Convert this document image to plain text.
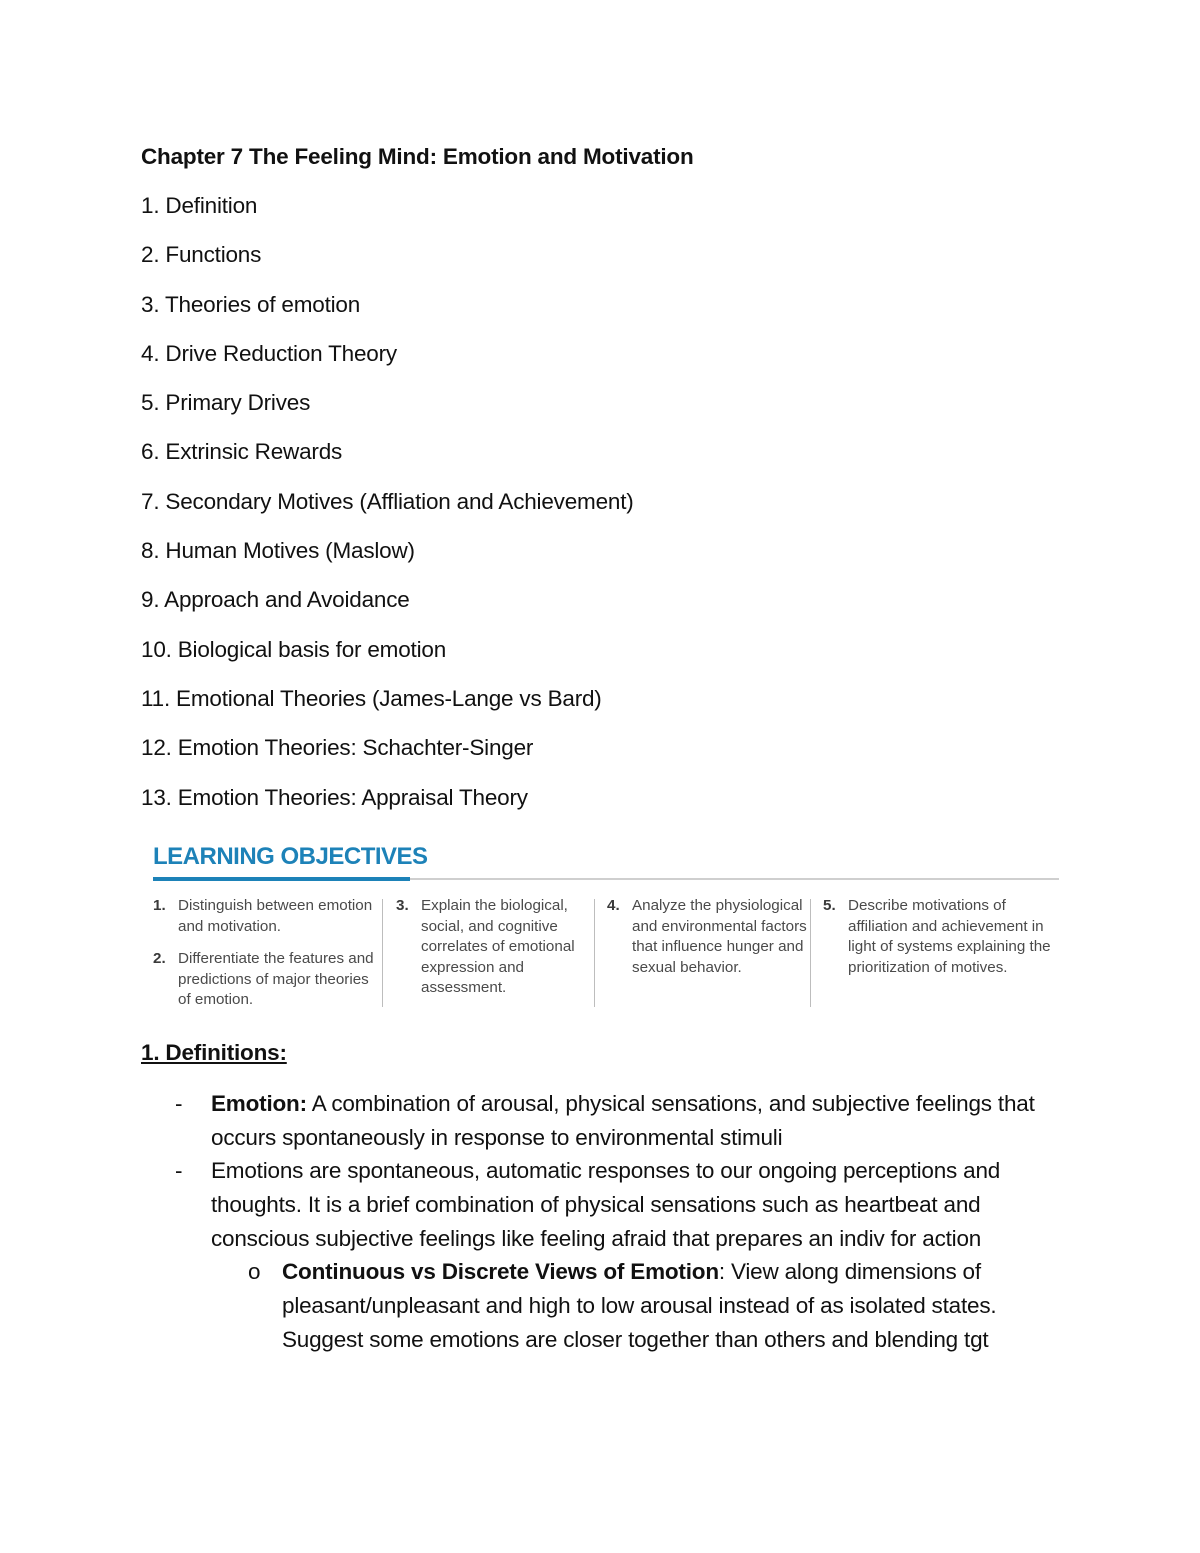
Chapter 7 The Feeling Mind: Emotion and Motivation
1. Definition
2. Functions
3. Theories of emotion
4. Drive Reduction Theory
5. Primary Drives
6. Extrinsic Rewards
7. Secondary Motives (Affliation and Achievement)
8. Human Motives (Maslow)
9. Approach and Avoidance
10. Biological basis for emotion
11. Emotional Theories (James-Lange vs Bard)
12. Emotion Theories: Schachter-Singer
13. Emotion Theories: Appraisal Theory
LEARNING OBJECTIVES
1. Distinguish between emotion and motivation.
2. Differentiate the features and predictions of major theories of emotion.
3. Explain the biological, social, and cognitive correlates of emotional expression and assessment.
4. Analyze the physiological and environmental factors that influence hunger and sexual behavior.
5. Describe motivations of affiliation and achievement in light of systems explaining the prioritization of motives.
1. Definitions:
- Emotion: A combination of arousal, physical sensations, and subjective feelings that occurs spontaneously in response to environmental stimuli
- Emotions are spontaneous, automatic responses to our ongoing perceptions and thoughts. It is a brief combination of physical sensations such as heartbeat and conscious subjective feelings like feeling afraid that prepares an indiv for action
o Continuous vs Discrete Views of Emotion: View along dimensions of pleasant/unpleasant and high to low arousal instead of as isolated states. Suggest some emotions are closer together than others and blending tgt
